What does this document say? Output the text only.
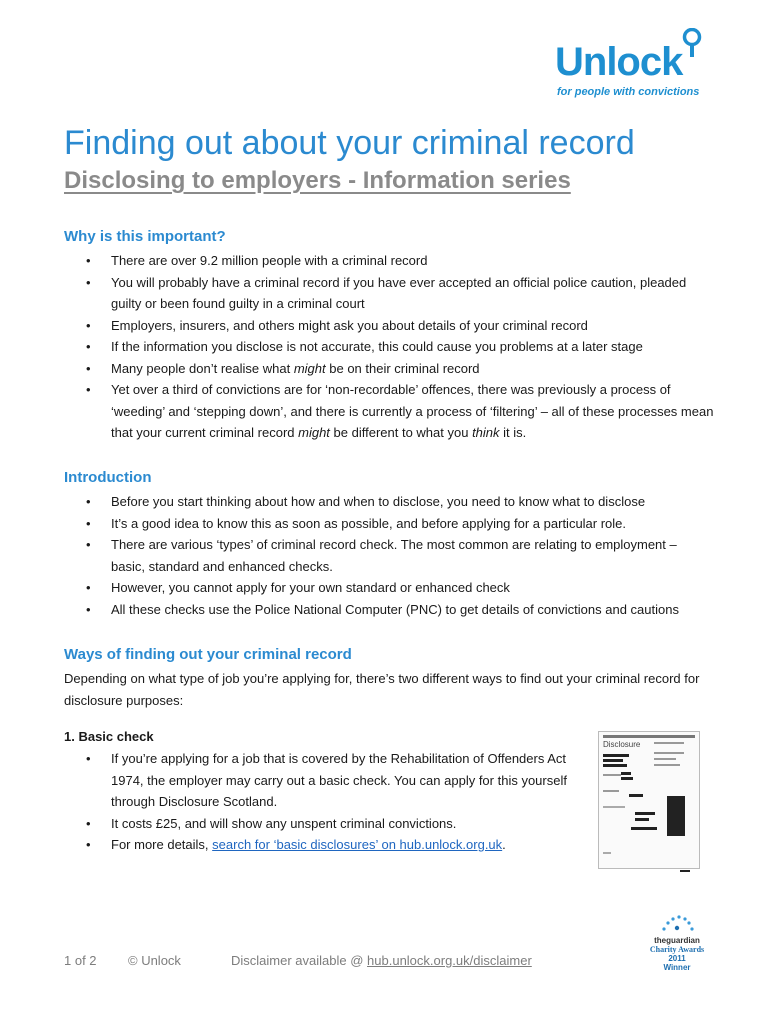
Unlock
for people with convictions
Finding out about your criminal record
Disclosing to employers - Information series
Why is this important?
• There are over 9.2 million people with a criminal record
• You will probably have a criminal record if you have ever accepted an official police caution, pleaded guilty or been found guilty in a criminal court
• Employers, insurers, and others might ask you about details of your criminal record
• If the information you disclose is not accurate, this could cause you problems at a later stage
• Many people don’t realise what might be on their criminal record
• Yet over a third of convictions are for ‘non-recordable’ offences, there was previously a process of ‘weeding’ and ‘stepping down’, and there is currently a process of ‘filtering’ – all of these processes mean that your current criminal record might be different to what you think it is.
Introduction
• Before you start thinking about how and when to disclose, you need to know what to disclose
• It’s a good idea to know this as soon as possible, and before applying for a particular role.
• There are various ‘types’ of criminal record check. The most common are relating to employment – basic, standard and enhanced checks.
• However, you cannot apply for your own standard or enhanced check
• All these checks use the Police National Computer (PNC) to get details of convictions and cautions
Ways of finding out your criminal record

Depending on what type of job you’re applying for, there’s two different ways to find out your criminal record for disclosure purposes:

1. Basic check
• If you’re applying for a job that is covered by the Rehabilitation of Offenders Act 1974, the employer may carry out a basic check. You can apply for this yourself through Disclosure Scotland.
• It costs £25, and will show any unspent criminal convictions.
• For more details, search for ‘basic disclosures’ on hub.unlock.org.uk.
Disclosure
1 of 2 © Unlock	Disclaimer available @ hub.unlock.org.uk/disclaimer
theguardian
Charity Awards
2011
Winner
